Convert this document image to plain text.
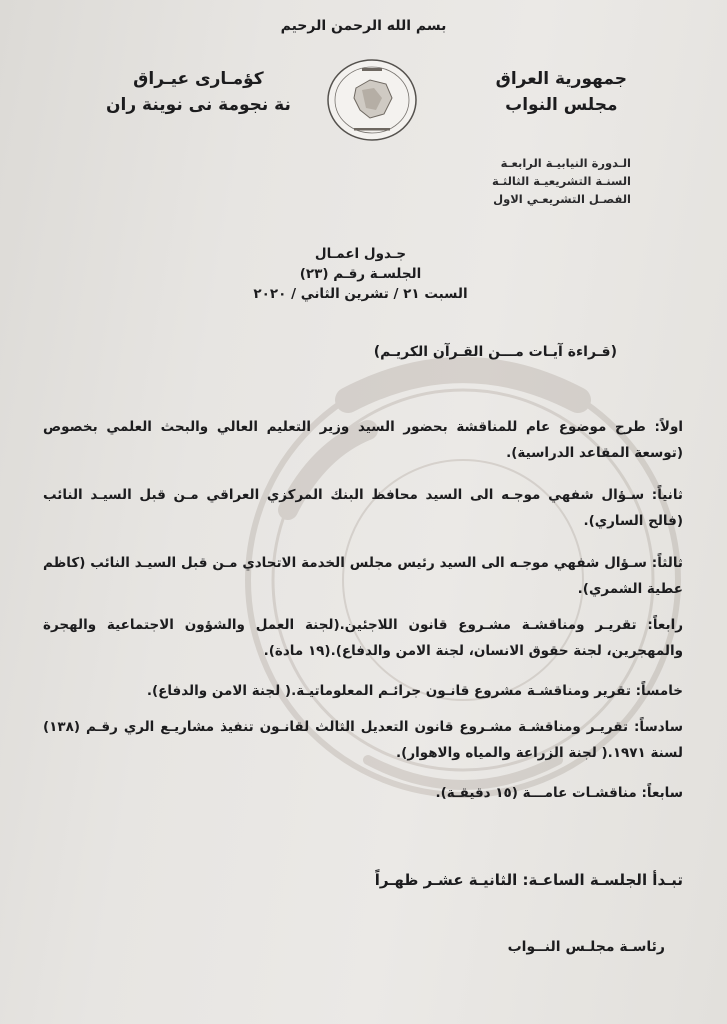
بسم الله الرحمن الرحيم
جمهورية العراق
مجلس النواب
كؤمـارى عيـراق
نة نجومة نى نوينة ران
الـدورة النيابيـة الرابعـة
السنـة التشريعيـة الثالثـة
الفصـل التشريعـي الاول
جـدول اعمـال
الجلسـة رقـم (٢٣)
السبت ٢١ / تشرين الثاني / ٢٠٢٠
(قـراءة آيـات مـــن القـرآن الكريـم)
اولاً: طرح موضوع عام للمناقشة بحضور السيد وزير التعليم العالي والبحث العلمي بخصوص (توسعة المقاعد الدراسية).
ثانياً: سـؤال شفهي موجـه الى السيد محافظ البنك المركزي العراقي مـن قبل السيـد النائب (فالح الساري).
ثالثاً: سـؤال شفهي موجـه الى السيد رئيس مجلس الخدمة الاتحادي مـن قبل السيـد النائب (كاظم عطية الشمري).
رابعاً: تقريـر ومناقشـة مشـروع قانون اللاجئين.(لجنة العمل والشؤون الاجتماعية والهجرة والمهجرين، لجنة حقوق الانسان، لجنة الامن والدفاع).(١٩ مادة).
خامساً: تقرير ومناقشـة مشروع قانـون جرائـم المعلوماتيـة.( لجنة الامن والدفاع).
سادساً: تقريـر ومناقشـة مشـروع قانون التعديل الثالث لقانـون تنفيذ مشاريـع الري رقـم (١٣٨) لسنة ١٩٧١.( لجنة الزراعة والمياه والاهوار).
سابعاً: مناقشـات عامـــة (١٥ دقيقـة).
تبـدأ الجلسـة الساعـة: الثانيـة عشـر ظهـراً
رئاسـة مجلـس النــواب
